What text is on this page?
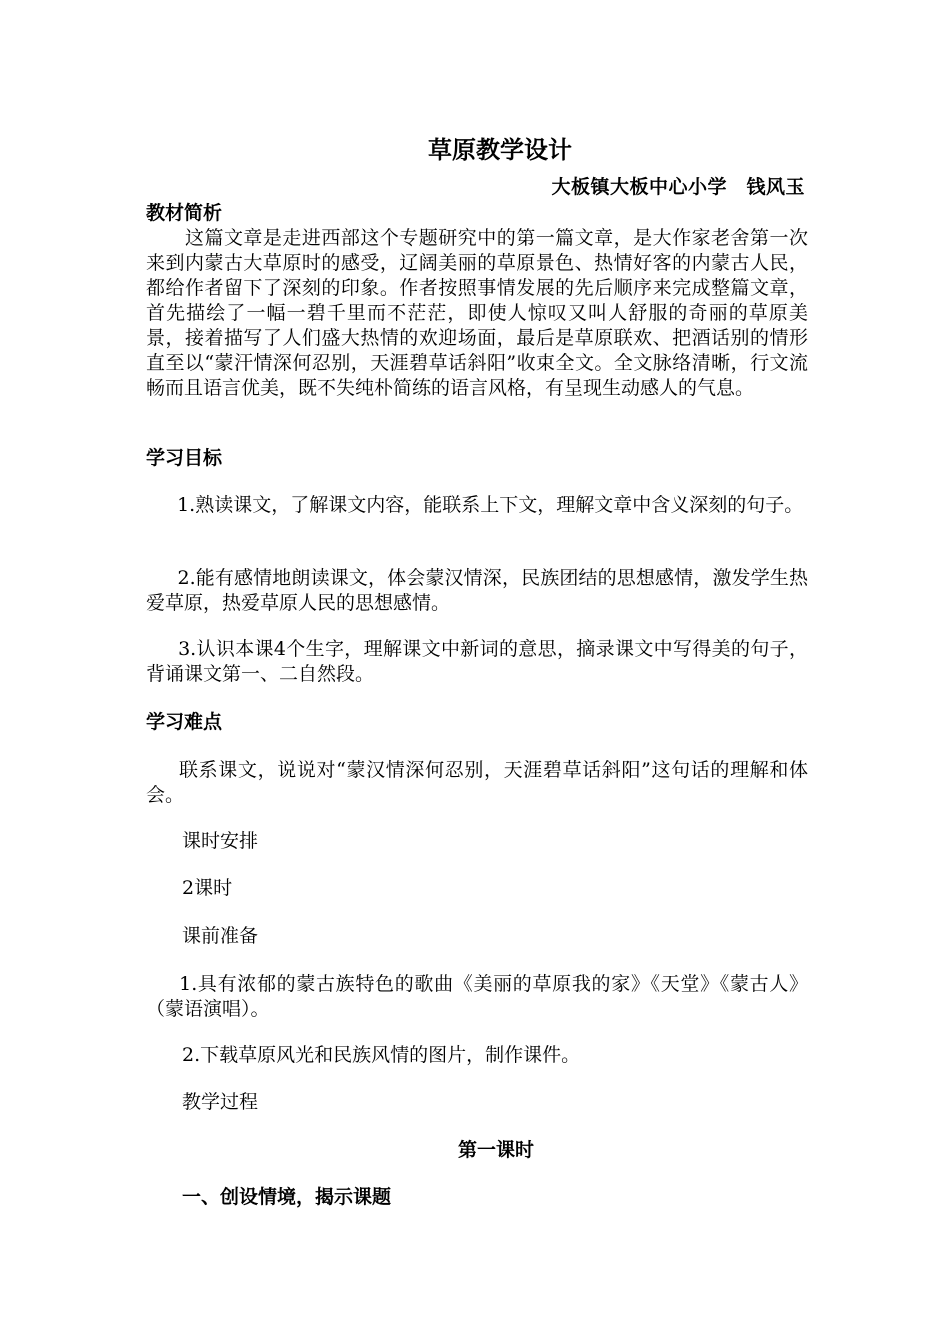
草原教学设计
大板镇大板中心小学　钱风玉
教材简析
　　这篇文章是走进西部这个专题研究中的第一篇文章，是大作家老舍第一次来到内蒙古大草原时的感受，辽阔美丽的草原景色、热情好客的内蒙古人民，都给作者留下了深刻的印象。作者按照事情发展的先后顺序来完成整篇文章，首先描绘了一幅一碧千里而不茫茫，即使人惊叹又叫人舒服的奇丽的草原美景，接着描写了人们盛大热情的欢迎场面，最后是草原联欢、把酒话别的情形直至以“蒙汗情深何忍别，天涯碧草话斜阳”收束全文。全文脉络清晰，行文流畅而且语言优美，既不失纯朴简练的语言风格，有呈现生动感人的气息。
学习目标
　  1.熟读课文，了解课文内容，能联系上下文，理解文章中含义深刻的句子。
　  2.能有感情地朗读课文，体会蒙汉情深，民族团结的思想感情，激发学生热爱草原，热爱草原人民的思想感情。
　  3.认识本课4个生字，理解课文中新词的意思，摘录课文中写得美的句子，背诵课文第一、二自然段。
学习难点
　  联系课文，说说对“蒙汉情深何忍别，天涯碧草话斜阳”这句话的理解和体会。
课时安排
2课时
课前准备
　  1.具有浓郁的蒙古族特色的歌曲《美丽的草原我的家》《天堂》《蒙古人》（蒙语演唱）。
2.下载草原风光和民族风情的图片，制作课件。
教学过程
第一课时
一、创设情境，揭示课题
